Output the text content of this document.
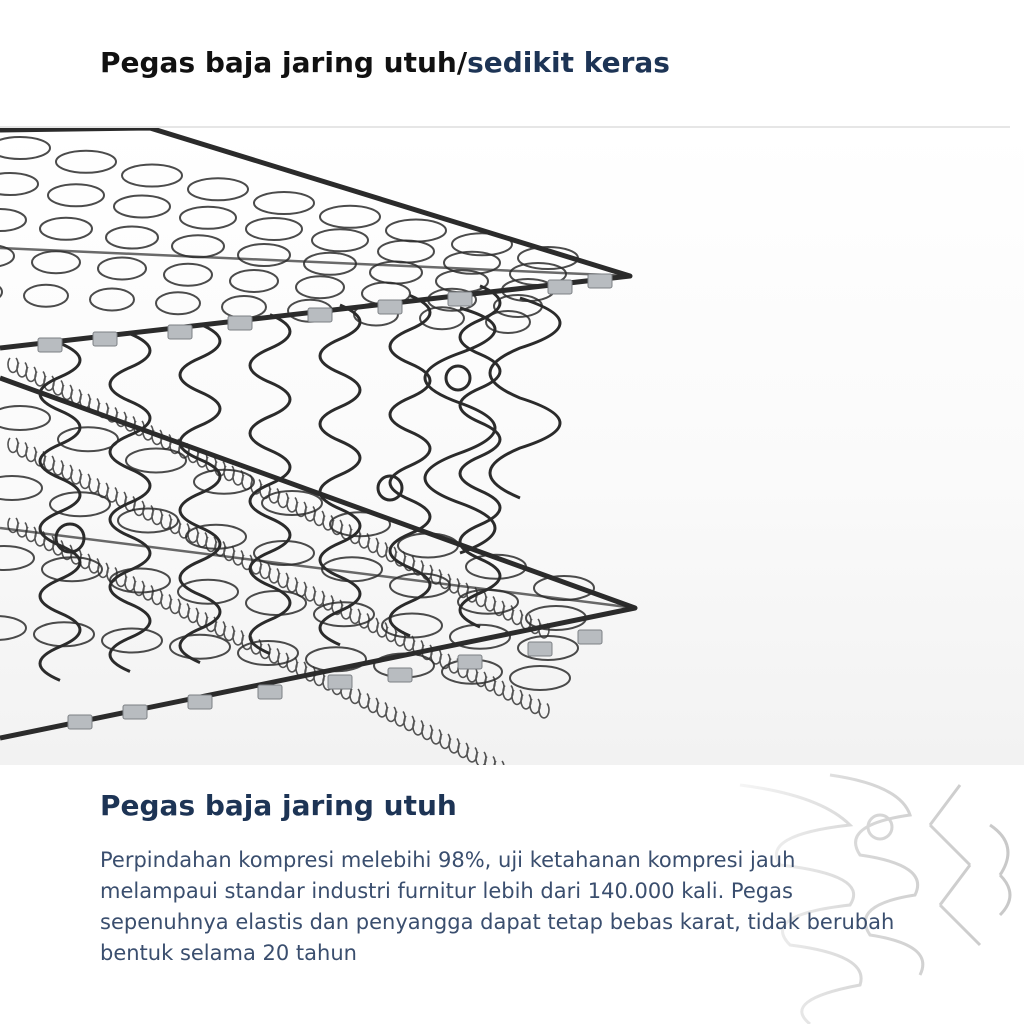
Pegas baja jaring utuh/sedikit keras
Pegas baja jaring utuh

Perpindahan kompresi melebihi 98%, uji ketahanan kompresi jauh melampaui standar industri furnitur lebih dari 140.000 kali. Pegas sepenuhnya elastis dan penyangga dapat tetap bebas karat, tidak berubah bentuk selama 20 tahun
